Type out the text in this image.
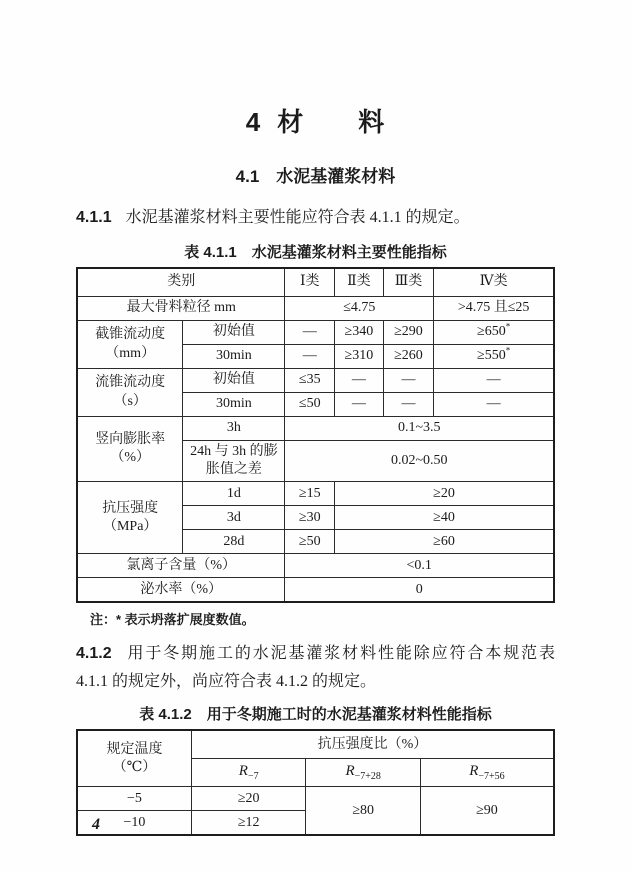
4 材　　料
4.1　水泥基灌浆材料

4.1.1 水泥基灌浆材料主要性能应符合表 4.1.1 的规定。

表 4.1.1　水泥基灌浆材料主要性能指标
类别		Ⅰ类	Ⅱ类	Ⅲ类	Ⅳ类
最大骨料粒径 mm		≤4.75			>4.75 且≤25

截锥流动度
（mm）	初始值	—	≥340	≥290	≥650*
	30min	—	≥310	≥260	≥550*

流锥流动度
（s）	初始值	≤35	—	—	—
	30min	≤50	—	—	—

竖向膨胀率
（%）	3h	0.1~3.5			
	24h 与 3h 的膨胀值之差	0.02~0.50			

抗压强度
（MPa）	1d	≥15	≥20		
	3d	≥30	≥40		
	28d	≥50	≥60		
氯离子含量（%）		<0.1			
泌水率（%）		0			
注：* 表示坍落扩展度数值。

4.1.2 用于冬期施工的水泥基灌浆材料性能除应符合本规范表
4.1.1 的规定外，尚应符合表 4.1.2 的规定。

表 4.1.2　用于冬期施工时的水泥基灌浆材料性能指标
规定温度
（℃）	抗压强度比（%）		
	$R_{-7}$	$R_{-7+28}$	$R_{-7+56}$
−5	≥20	≥80	≥90
−10	≥12		
4
